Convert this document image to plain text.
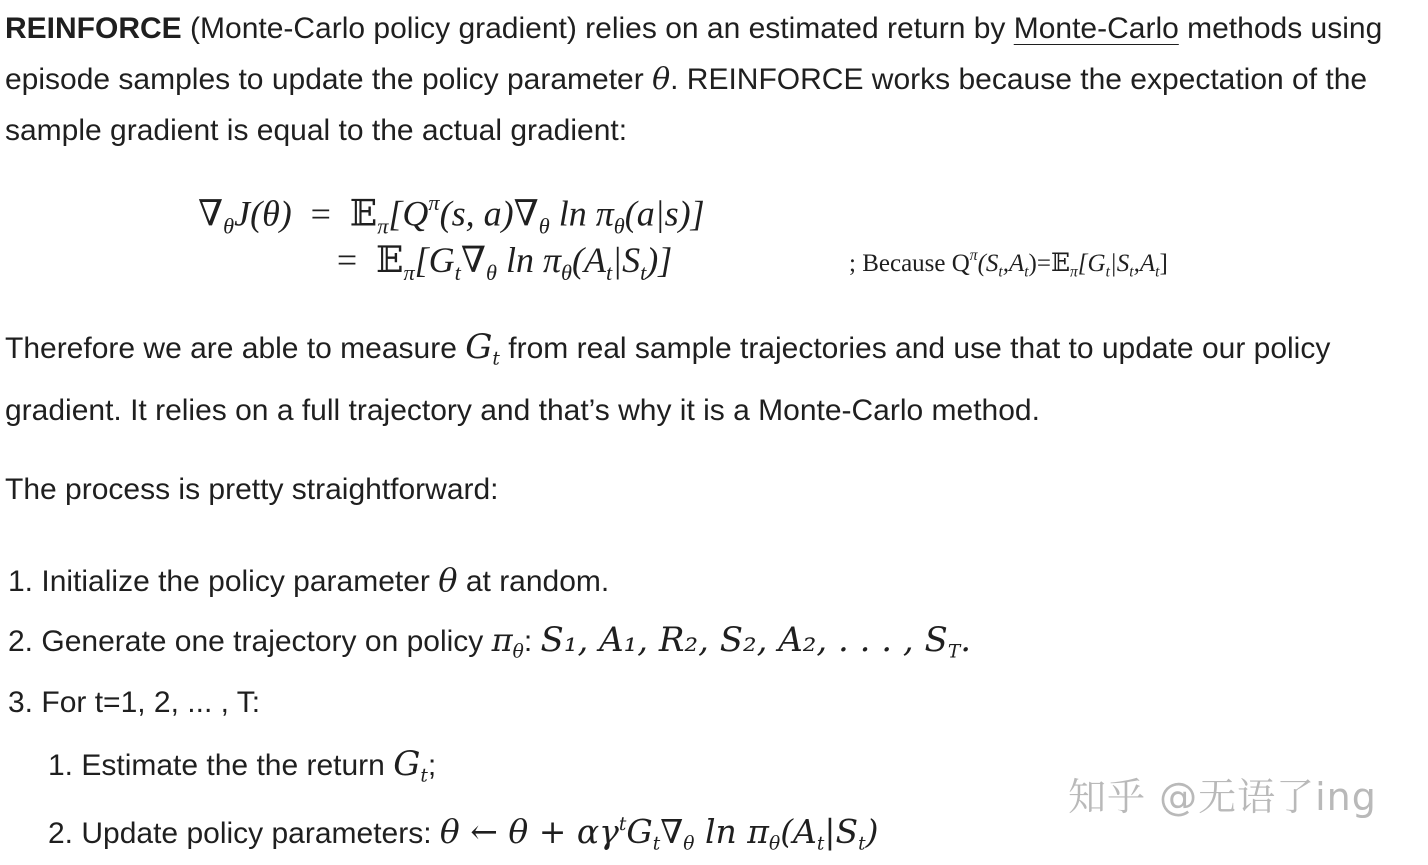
REINFORCE (Monte-Carlo policy gradient) relies on an estimated return by Monte-Carlo methods using episode samples to update the policy parameter θ. REINFORCE works because the expectation of the sample gradient is equal to the actual gradient:

$\nabla_\theta J(\theta)$ = $𝔼_\pi[Q^\pi(s$, $a)\nabla_\theta$ $\ln \pi_\theta(a|s)$]
= $𝔼_\pi[G_t\nabla_\theta$ $\ln \pi_\theta(A_t|S_t)$]	; Because $Q^\pi(S_t,A_t)=𝔼_\pi[G_t|S_t,A_t]$

Therefore we are able to measure $G_t$ from real sample trajectories and use that to update our policy gradient. It relies on a full trajectory and that’s why it is a Monte-Carlo method.

The process is pretty straightforward:

1. Initialize the policy parameter θ at random.
2. Generate one trajectory on policy $\pi_\theta$: S₁, A₁, R₂, S₂, A₂, . . . , $S_T$.
3. For t=1, 2, ... , T:
1. Estimate the the return $G_t$;
2. Update policy parameters: θ ← $\theta + \alpha\gamma^tG_t\nabla_\theta$ $\ln \pi_\theta(A_t|S_t)$
知乎 @无语了ing
